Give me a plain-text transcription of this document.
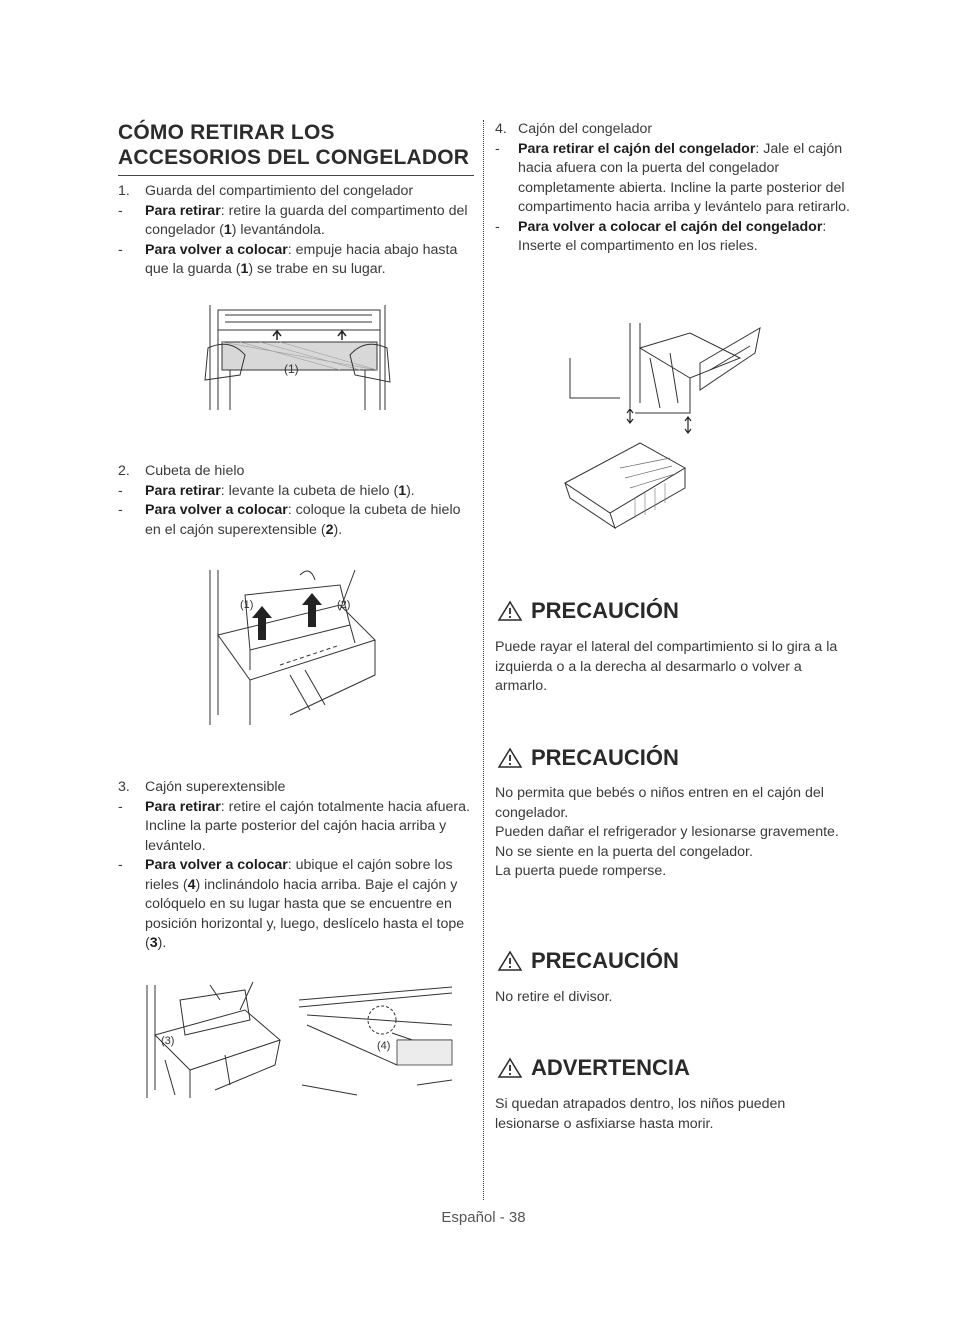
CÓMO RETIRAR LOS
ACCESORIOS DEL CONGELADOR
1. Guarda del compartimiento del congelador
- Para retirar: retire la guarda del compartimento del congelador (1) levantándola.
- Para volver a colocar: empuje hacia abajo hasta que la guarda (1) se trabe en su lugar.
(1)
2. Cubeta de hielo
- Para retirar: levante la cubeta de hielo (1).
- Para volver a colocar: coloque la cubeta de hielo en el cajón superextensible (2).
(1)	(2)
3. Cajón superextensible
- Para retirar: retire el cajón totalmente hacia afuera. Incline la parte posterior del cajón hacia arriba y levántelo.
- Para volver a colocar: ubique el cajón sobre los rieles (4) inclinándolo hacia arriba. Baje el cajón y colóquelo en su lugar hasta que se encuentre en posición horizontal y, luego, deslícelo hasta el tope (3).
(3)	(4)
4. Cajón del congelador
- Para retirar el cajón del congelador: Jale el cajón hacia afuera con la puerta del congelador completamente abierta. Incline la parte posterior del compartimento hacia arriba y levántelo para retirarlo.
- Para volver a colocar el cajón del congelador: Inserte el compartimento en los rieles.
PRECAUCIÓN
Puede rayar el lateral del compartimiento si lo gira a la izquierda o a la derecha al desarmarlo o volver a armarlo.
PRECAUCIÓN
No permita que bebés o niños entren en el cajón del congelador.
Pueden dañar el refrigerador y lesionarse gravemente.
No se siente en la puerta del congelador.
La puerta puede romperse.
PRECAUCIÓN
No retire el divisor.
ADVERTENCIA
Si quedan atrapados dentro, los niños pueden lesionarse o asfixiarse hasta morir.
Español - 38
